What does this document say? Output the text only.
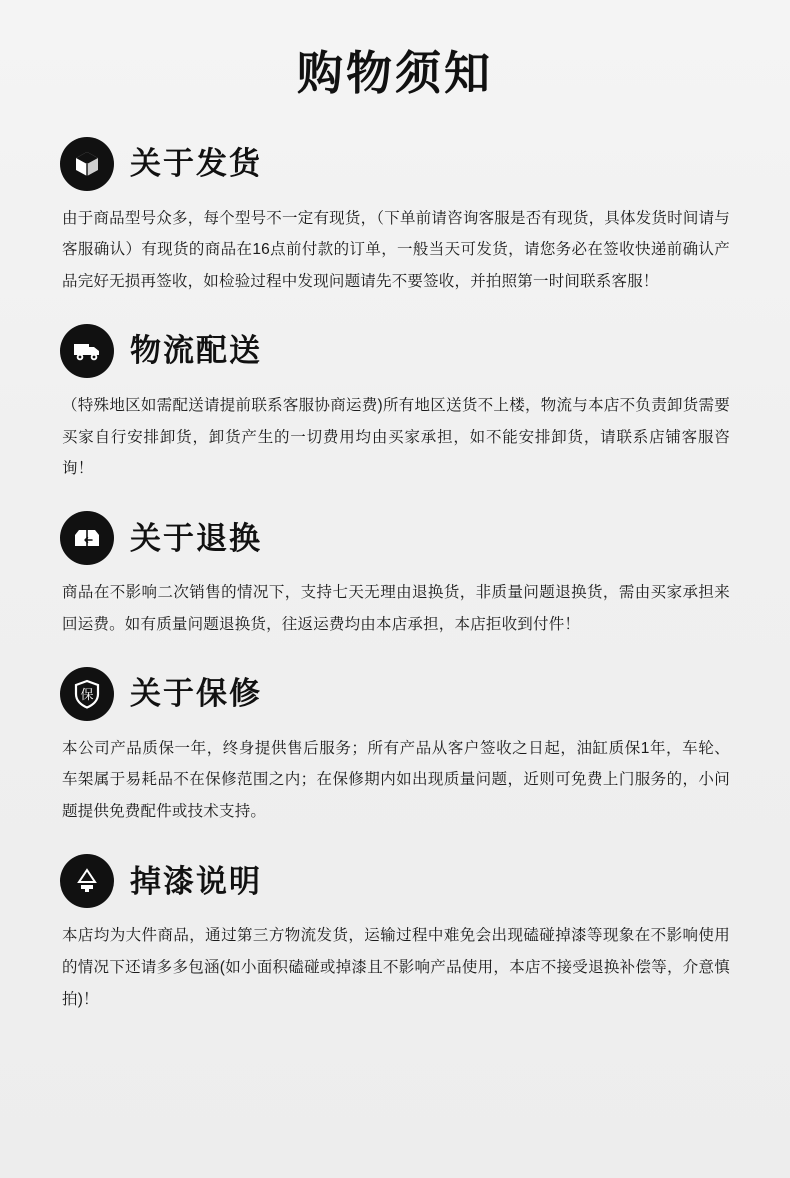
购物须知
关于发货

由于商品型号众多，每个型号不一定有现货，（下单前请咨询客服是否有现货，具体发货时间请与客服确认）有现货的商品在16点前付款的订单，一般当天可发货，请您务必在签收快递前确认产品完好无损再签收，如检验过程中发现问题请先不要签收，并拍照第一时间联系客服！

物流配送

（特殊地区如需配送请提前联系客服协商运费)所有地区送货不上楼，物流与本店不负责卸货需要买家自行安排卸货，卸货产生的一切费用均由买家承担，如不能安排卸货，请联系店铺客服咨询！

关于退换

商品在不影响二次销售的情况下，支持七天无理由退换货，非质量问题退换货，需由买家承担来回运费。如有质量问题退换货，往返运费均由本店承担，本店拒收到付件！

保 关于保修

本公司产品质保一年，终身提供售后服务；所有产品从客户签收之日起，油缸质保1年，车轮、车架属于易耗品不在保修范围之内；在保修期内如出现质量问题，近则可免费上门服务的，小问题提供免费配件或技术支持。

掉漆说明

本店均为大件商品，通过第三方物流发货，运输过程中难免会出现磕碰掉漆等现象在不影响使用的情况下还请多多包涵(如小面积磕碰或掉漆且不影响产品使用，本店不接受退换补偿等，介意慎拍)！
